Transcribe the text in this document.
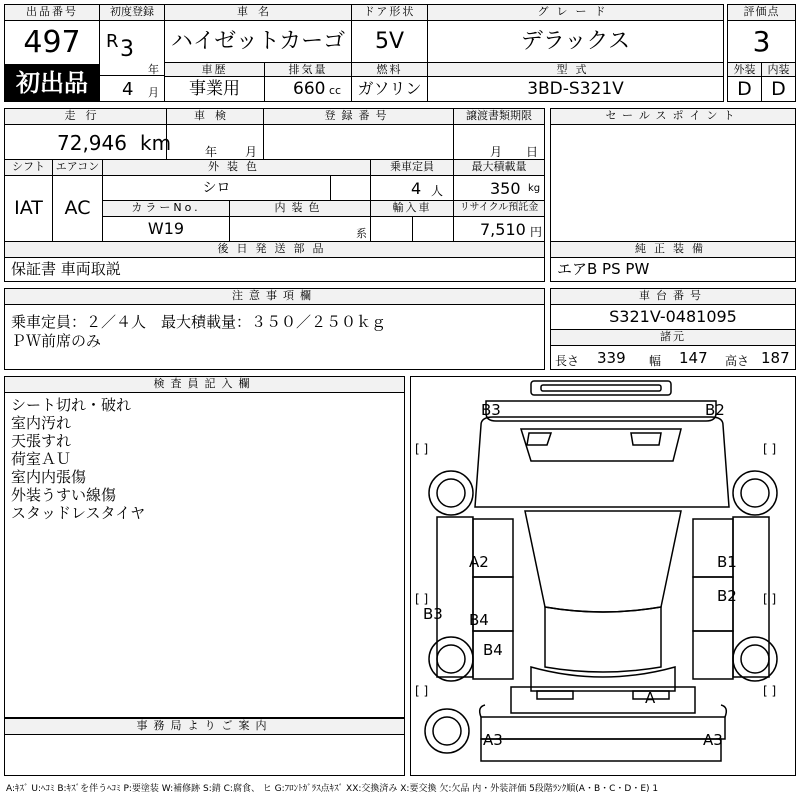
出品番号
497
初出品
初度登録
R 3
年
4 月
車名
ハイゼットカーゴ
ドア形状
5V
グレード
デラックス
評価点
3
車歴
事業用
排気量
660 cc
燃料
ガソリン
型式
3BD-S321V
外装	内装
D	D
走行
72,946 km
車検
年 月
登録番号	譲渡書類期限
月 日
シフト エアコン
IAT	AC
外装色
シロ
乗車定員
4 人
最大積載量
350 kg
カラーNo.
W19
内装色
系
輸入車	リサイクル預託金
7,510 円
後日発送部品
保証書 車両取説
セールスポイント
純正装備
エアB PS PW
注意事項欄
乗車定員：２／４人　最大積載量：３５０／２５０ｋｇ
ＰＷ前席のみ
車台番号
S321V-0481095
諸元
長さ 339 幅 147 高さ 187
検査員記入欄
シート切れ・破れ
室内汚れ
天張すれ
荷室ＡＵ
室内内張傷
外装うすい線傷
スタッドレスタイヤ
事務局よりご案内
[ ]	[ ]
[ ]	[ ]
[ ]	[ ]
B3	B2
A2	B1
B2
B3 B4
B4
A
A3	A3
A:ｷｽﾞ U:ﾍｺﾐ B:ｷｽﾞを伴うﾍｺﾐ P:要塗装 W:補修跡 S:錆 C:腐食、 ヒ G:ﾌﾛﾝﾄｶﾞﾗｽ点ｷｽﾞ XX:交換済み X:要交換 欠:欠品 内・外装評価 5段階ﾗﾝｸ順(A・B・C・D・E) 1
